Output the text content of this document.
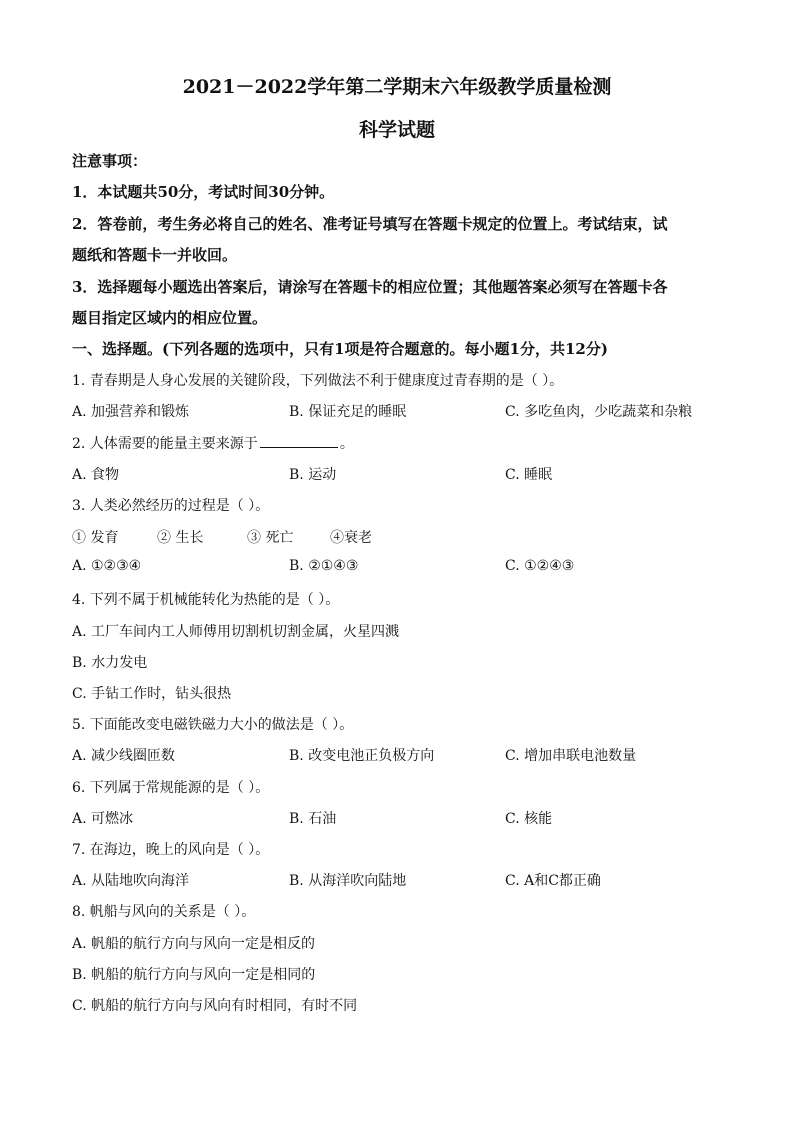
2021－2022学年第二学期末六年级教学质量检测
科学试题
注意事项：
1．本试题共50分，考试时间30分钟。
2．答卷前，考生务必将自己的姓名、准考证号填写在答题卡规定的位置上。考试结束，试
题纸和答题卡一并收回。
3．选择题每小题选出答案后，请涂写在答题卡的相应位置；其他题答案必须写在答题卡各
题目指定区域内的相应位置。
一、选择题。(下列各题的选项中，只有1项是符合题意的。每小题1分，共12分)
1. 青春期是人身心发展的关键阶段，下列做法不利于健康度过青春期的是（ ）。
A. 加强营养和锻炼	B. 保证充足的睡眠	C. 多吃鱼肉，少吃蔬菜和杂粮
2. 人体需要的能量主要来源于	。
A. 食物	B. 运动	C. 睡眠
3. 人类必然经历的过程是（ ）。
① 发育	② 生长	③ 死亡	④衰老
A. ①②③④	B. ②①④③	C. ①②④③
4. 下列不属于机械能转化为热能的是（ ）。
A. 工厂车间内工人师傅用切割机切割金属，火星四溅
B. 水力发电
C. 手钻工作时，钻头很热
5. 下面能改变电磁铁磁力大小的做法是（ ）。
A. 减少线圈匝数	B. 改变电池正负极方向	C. 增加串联电池数量
6. 下列属于常规能源的是（ ）。
A. 可燃冰	B. 石油	C. 核能
7. 在海边，晚上的风向是（ ）。
A. 从陆地吹向海洋	B. 从海洋吹向陆地	C. A和C都正确
8. 帆船与风向的关系是（ ）。
A. 帆船的航行方向与风向一定是相反的
B. 帆船的航行方向与风向一定是相同的
C. 帆船的航行方向与风向有时相同，有时不同
